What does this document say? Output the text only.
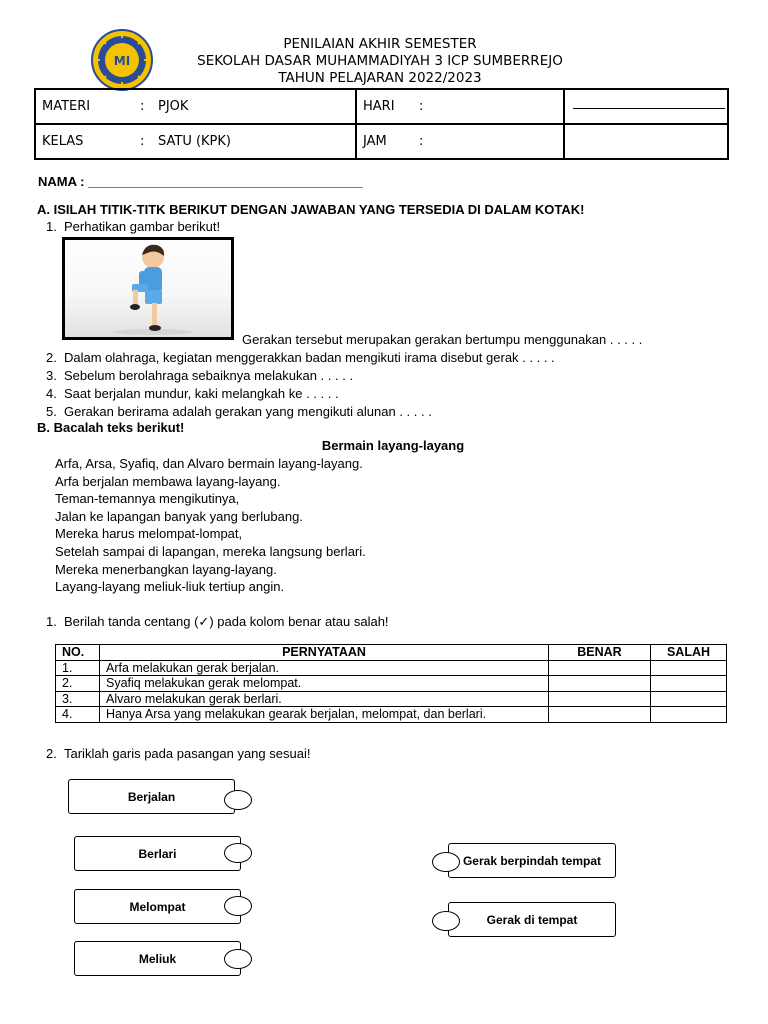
MI
PENILAIAN AKHIR SEMESTER
SEKOLAH DASAR MUHAMMADIYAH 3 ICP SUMBERREJO
TAHUN PELAJARAN 2022/2023
MATERI : PJOK	HARI :	

KELAS : SATU (KPK)	JAM :	
NAMA : ______________________________________
A. ISILAH TITIK-TITK BERIKUT DENGAN JAWABAN YANG TERSEDIA DI DALAM KOTAK!
1. Perhatikan gambar berikut!
Gerakan tersebut merupakan gerakan bertumpu menggunakan . . . . .
2. Dalam olahraga, kegiatan menggerakkan badan mengikuti irama disebut gerak . . . . .
3. Sebelum berolahraga sebaiknya melakukan . . . . .
4. Saat berjalan mundur, kaki melangkah ke . . . . .
5. Gerakan berirama adalah gerakan yang mengikuti alunan . . . . .
B. Bacalah teks berikut!
Bermain layang-layang
Arfa, Arsa, Syafiq, dan Alvaro bermain layang-layang.
Arfa berjalan membawa layang-layang.
Teman-temannya mengikutinya,
Jalan ke lapangan banyak yang berlubang.
Mereka harus melompat-lompat,
Setelah sampai di lapangan, mereka langsung berlari.
Mereka menerbangkan layang-layang.
Layang-layang meliuk-liuk tertiup angin.
1. Berilah tanda centang (✓) pada kolom benar atau salah!
NO.	PERNYATAAN	BENAR	SALAH
1.	Arfa melakukan gerak berjalan.		
2.	Syafiq melakukan gerak melompat.		
3.	Alvaro melakukan gerak berlari.		
4.	Hanya Arsa yang melakukan gearak berjalan, melompat, dan berlari.		
2. Tariklah garis pada pasangan yang sesuai!
Berjalan
Berlari
Melompat
Meliuk
Gerak berpindah tempat
Gerak di tempat
